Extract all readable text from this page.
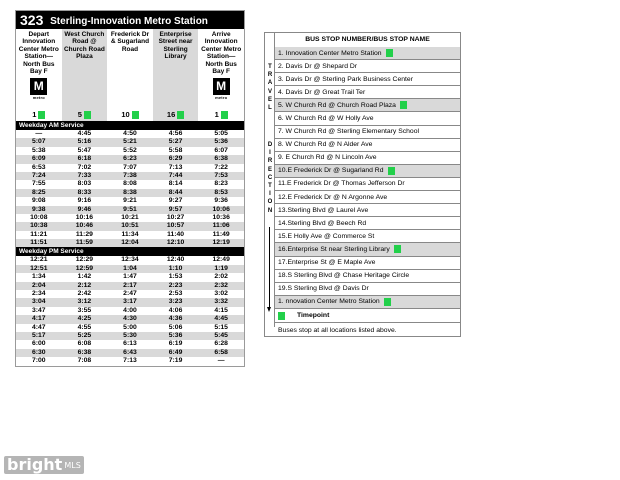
323 Sterling-Innovation Metro Station
Depart Innovation Center Metro Station— North Bus Bay F
M
metro
1
West Church Road @ Church Road Plaza
5
Frederick Dr & Sugarland Road
10
Enterprise Street near Sterling Library
16
Arrive Innovation Center Metro Station— North Bus Bay F
M
metro
1
Weekday AM Service
—	4:45	4:50	4:56	5:05
5:07	5:16	5:21	5:27	5:36
5:38	5:47	5:52	5:58	6:07
6:09	6:18	6:23	6:29	6:38
6:53	7:02	7:07	7:13	7:22
7:24	7:33	7:38	7:44	7:53
7:55	8:03	8:08	8:14	8:23
8:25	8:33	8:38	8:44	8:53
9:08	9:16	9:21	9:27	9:36
9:38	9:46	9:51	9:57	10:06
10:08	10:16	10:21	10:27	10:36
10:38	10:46	10:51	10:57	11:06
11:21	11:29	11:34	11:40	11:49
11:51	11:59	12:04	12:10	12:19
Weekday PM Service
12:21	12:29	12:34	12:40	12:49
12:51	12:59	1:04	1:10	1:19
1:34	1:42	1:47	1:53	2:02
2:04	2:12	2:17	2:23	2:32
2:34	2:42	2:47	2:53	3:02
3:04	3:12	3:17	3:23	3:32
3:47	3:55	4:00	4:06	4:15
4:17	4:25	4:30	4:36	4:45
4:47	4:55	5:00	5:06	5:15
5:17	5:25	5:30	5:36	5:45
6:00	6:08	6:13	6:19	6:28
6:30	6:38	6:43	6:49	6:58
7:00	7:08	7:13	7:19	—
T
R
A
V
E
L
D
I
R
E
C
T
I
O
N
BUS STOP NUMBER/BUS STOP NAME
1. Innovation Center Metro Station
2. Davis Dr @ Shepard Dr
3. Davis Dr @ Sterling Park Business Center
4. Davis Dr @ Great Trail Ter
5. W Church Rd @ Church Road Plaza
6. W Church Rd @ W Holly Ave
7. W Church Rd @ Sterling Elementary School
8. W Church Rd @ N Alder Ave
9. E Church Rd @ N Lincoln Ave
10.E Frederick Dr @ Sugarland Rd
11.E Frederick Dr @ Thomas Jefferson Dr
12.E Frederick Dr @ N Argonne Ave
13.Sterling Blvd @ Laurel Ave
14.Sterling Blvd @ Beech Rd
15.E Holly Ave @ Commerce St
16.Enterprise St near Sterling Library
17.Enterprise St @ E Maple Ave
18.S Sterling Blvd @ Chase Heritage Circle
19.S Sterling Blvd @ Davis Dr
1. nnovation Center Metro Station
Timepoint
Buses stop at all locations listed above.
bright MLS
